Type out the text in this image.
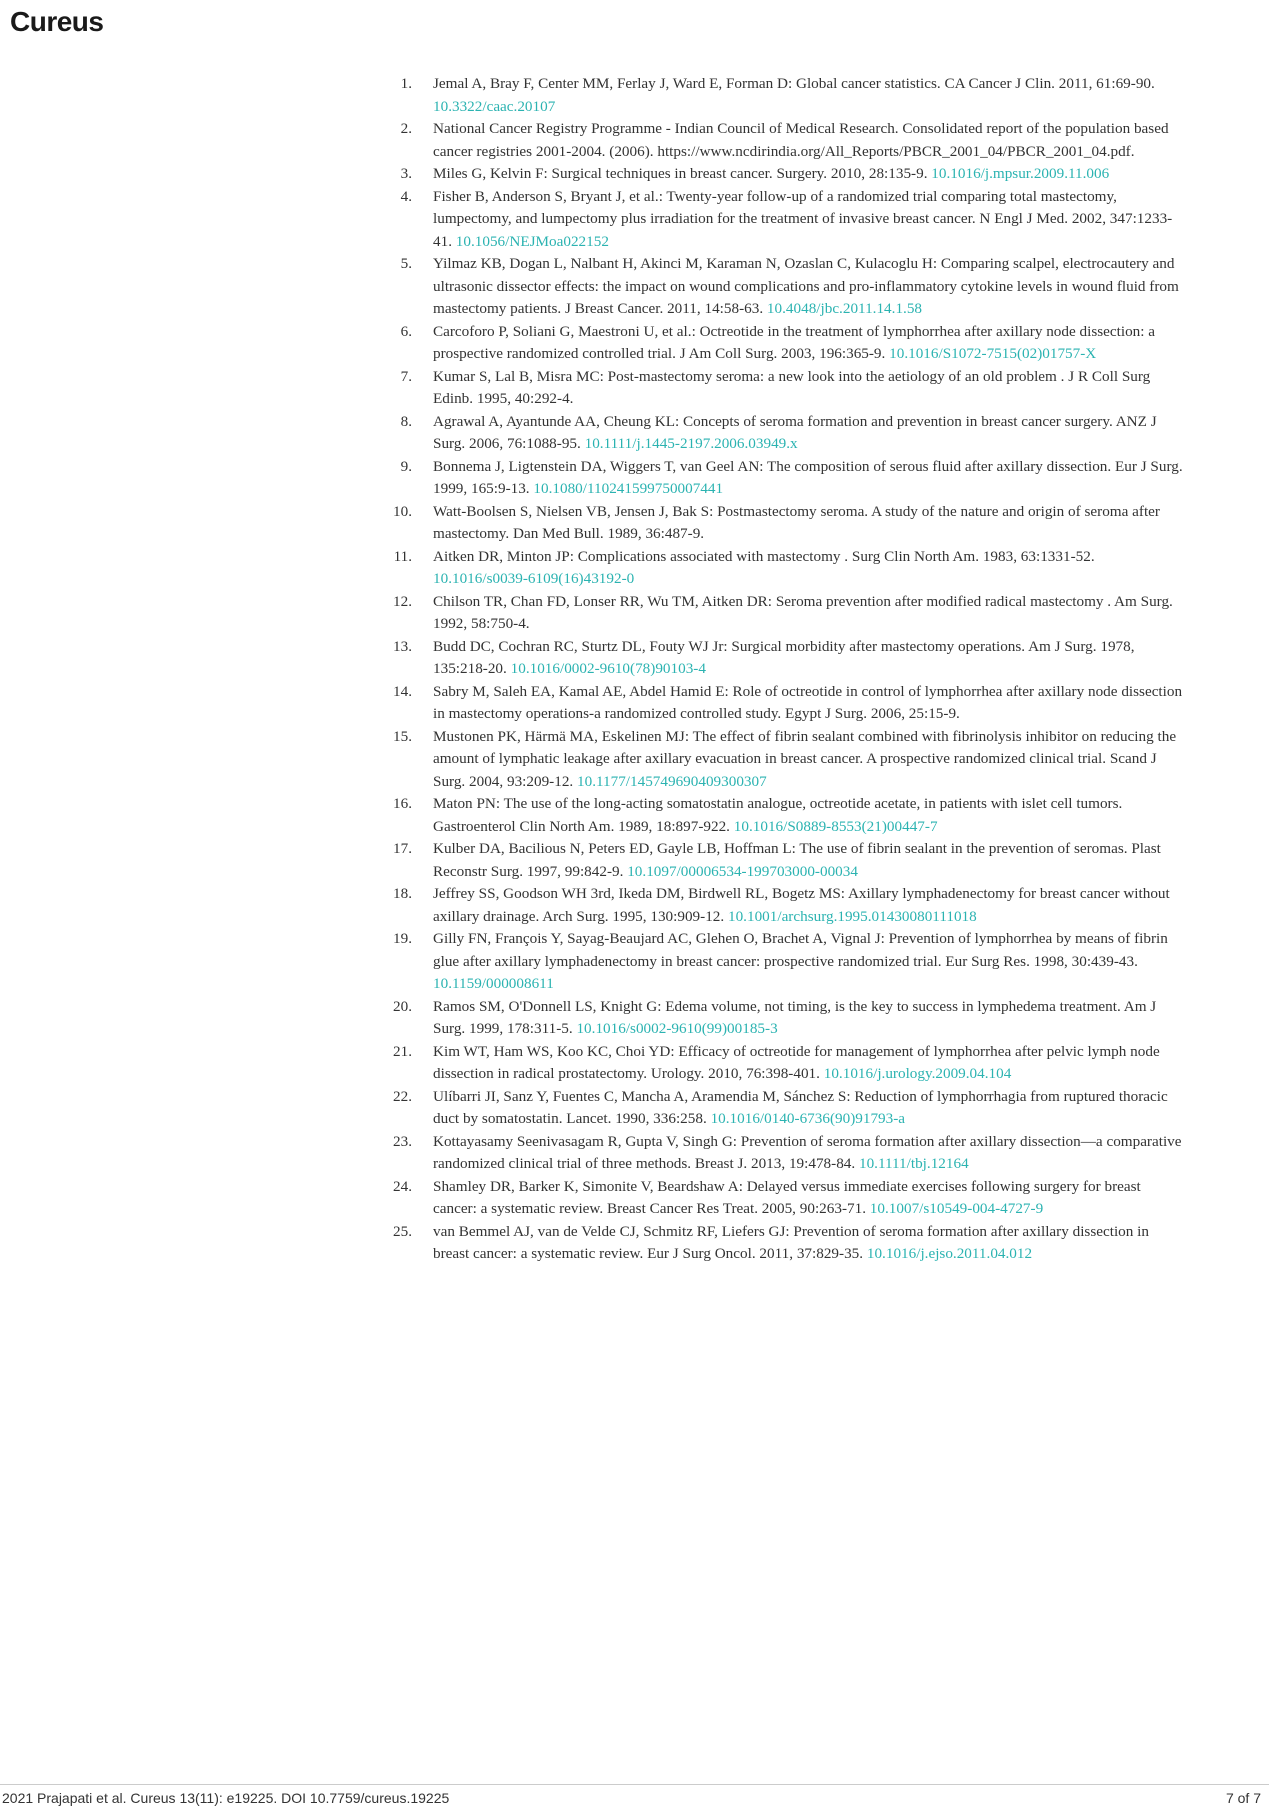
Cureus
1. Jemal A, Bray F, Center MM, Ferlay J, Ward E, Forman D: Global cancer statistics. CA Cancer J Clin. 2011, 61:69-90. 10.3322/caac.20107
2. National Cancer Registry Programme - Indian Council of Medical Research. Consolidated report of the population based cancer registries 2001-2004. (2006). https://www.ncdirindia.org/All_Reports/PBCR_2001_04/PBCR_2001_04.pdf.
3. Miles G, Kelvin F: Surgical techniques in breast cancer. Surgery. 2010, 28:135-9. 10.1016/j.mpsur.2009.11.006
4. Fisher B, Anderson S, Bryant J, et al.: Twenty-year follow-up of a randomized trial comparing total mastectomy, lumpectomy, and lumpectomy plus irradiation for the treatment of invasive breast cancer. N Engl J Med. 2002, 347:1233-41. 10.1056/NEJMoa022152
5. Yilmaz KB, Dogan L, Nalbant H, Akinci M, Karaman N, Ozaslan C, Kulacoglu H: Comparing scalpel, electrocautery and ultrasonic dissector effects: the impact on wound complications and pro-inflammatory cytokine levels in wound fluid from mastectomy patients. J Breast Cancer. 2011, 14:58-63. 10.4048/jbc.2011.14.1.58
6. Carcoforo P, Soliani G, Maestroni U, et al.: Octreotide in the treatment of lymphorrhea after axillary node dissection: a prospective randomized controlled trial. J Am Coll Surg. 2003, 196:365-9. 10.1016/S1072-7515(02)01757-X
7. Kumar S, Lal B, Misra MC: Post-mastectomy seroma: a new look into the aetiology of an old problem . J R Coll Surg Edinb. 1995, 40:292-4.
8. Agrawal A, Ayantunde AA, Cheung KL: Concepts of seroma formation and prevention in breast cancer surgery. ANZ J Surg. 2006, 76:1088-95. 10.1111/j.1445-2197.2006.03949.x
9. Bonnema J, Ligtenstein DA, Wiggers T, van Geel AN: The composition of serous fluid after axillary dissection. Eur J Surg. 1999, 165:9-13. 10.1080/110241599750007441
10. Watt-Boolsen S, Nielsen VB, Jensen J, Bak S: Postmastectomy seroma. A study of the nature and origin of seroma after mastectomy. Dan Med Bull. 1989, 36:487-9.
11. Aitken DR, Minton JP: Complications associated with mastectomy . Surg Clin North Am. 1983, 63:1331-52. 10.1016/s0039-6109(16)43192-0
12. Chilson TR, Chan FD, Lonser RR, Wu TM, Aitken DR: Seroma prevention after modified radical mastectomy . Am Surg. 1992, 58:750-4.
13. Budd DC, Cochran RC, Sturtz DL, Fouty WJ Jr: Surgical morbidity after mastectomy operations. Am J Surg. 1978, 135:218-20. 10.1016/0002-9610(78)90103-4
14. Sabry M, Saleh EA, Kamal AE, Abdel Hamid E: Role of octreotide in control of lymphorrhea after axillary node dissection in mastectomy operations-a randomized controlled study. Egypt J Surg. 2006, 25:15-9.
15. Mustonen PK, Härmä MA, Eskelinen MJ: The effect of fibrin sealant combined with fibrinolysis inhibitor on reducing the amount of lymphatic leakage after axillary evacuation in breast cancer. A prospective randomized clinical trial. Scand J Surg. 2004, 93:209-12. 10.1177/145749690409300307
16. Maton PN: The use of the long-acting somatostatin analogue, octreotide acetate, in patients with islet cell tumors. Gastroenterol Clin North Am. 1989, 18:897-922. 10.1016/S0889-8553(21)00447-7
17. Kulber DA, Bacilious N, Peters ED, Gayle LB, Hoffman L: The use of fibrin sealant in the prevention of seromas. Plast Reconstr Surg. 1997, 99:842-9. 10.1097/00006534-199703000-00034
18. Jeffrey SS, Goodson WH 3rd, Ikeda DM, Birdwell RL, Bogetz MS: Axillary lymphadenectomy for breast cancer without axillary drainage. Arch Surg. 1995, 130:909-12. 10.1001/archsurg.1995.01430080111018
19. Gilly FN, François Y, Sayag-Beaujard AC, Glehen O, Brachet A, Vignal J: Prevention of lymphorrhea by means of fibrin glue after axillary lymphadenectomy in breast cancer: prospective randomized trial. Eur Surg Res. 1998, 30:439-43. 10.1159/000008611
20. Ramos SM, O'Donnell LS, Knight G: Edema volume, not timing, is the key to success in lymphedema treatment. Am J Surg. 1999, 178:311-5. 10.1016/s0002-9610(99)00185-3
21. Kim WT, Ham WS, Koo KC, Choi YD: Efficacy of octreotide for management of lymphorrhea after pelvic lymph node dissection in radical prostatectomy. Urology. 2010, 76:398-401. 10.1016/j.urology.2009.04.104
22. Ulíbarri JI, Sanz Y, Fuentes C, Mancha A, Aramendia M, Sánchez S: Reduction of lymphorrhagia from ruptured thoracic duct by somatostatin. Lancet. 1990, 336:258. 10.1016/0140-6736(90)91793-a
23. Kottayasamy Seenivasagam R, Gupta V, Singh G: Prevention of seroma formation after axillary dissection—a comparative randomized clinical trial of three methods. Breast J. 2013, 19:478-84. 10.1111/tbj.12164
24. Shamley DR, Barker K, Simonite V, Beardshaw A: Delayed versus immediate exercises following surgery for breast cancer: a systematic review. Breast Cancer Res Treat. 2005, 90:263-71. 10.1007/s10549-004-4727-9
25. van Bemmel AJ, van de Velde CJ, Schmitz RF, Liefers GJ: Prevention of seroma formation after axillary dissection in breast cancer: a systematic review. Eur J Surg Oncol. 2011, 37:829-35. 10.1016/j.ejso.2011.04.012
2021 Prajapati et al. Cureus 13(11): e19225. DOI 10.7759/cureus.19225	7 of 7
